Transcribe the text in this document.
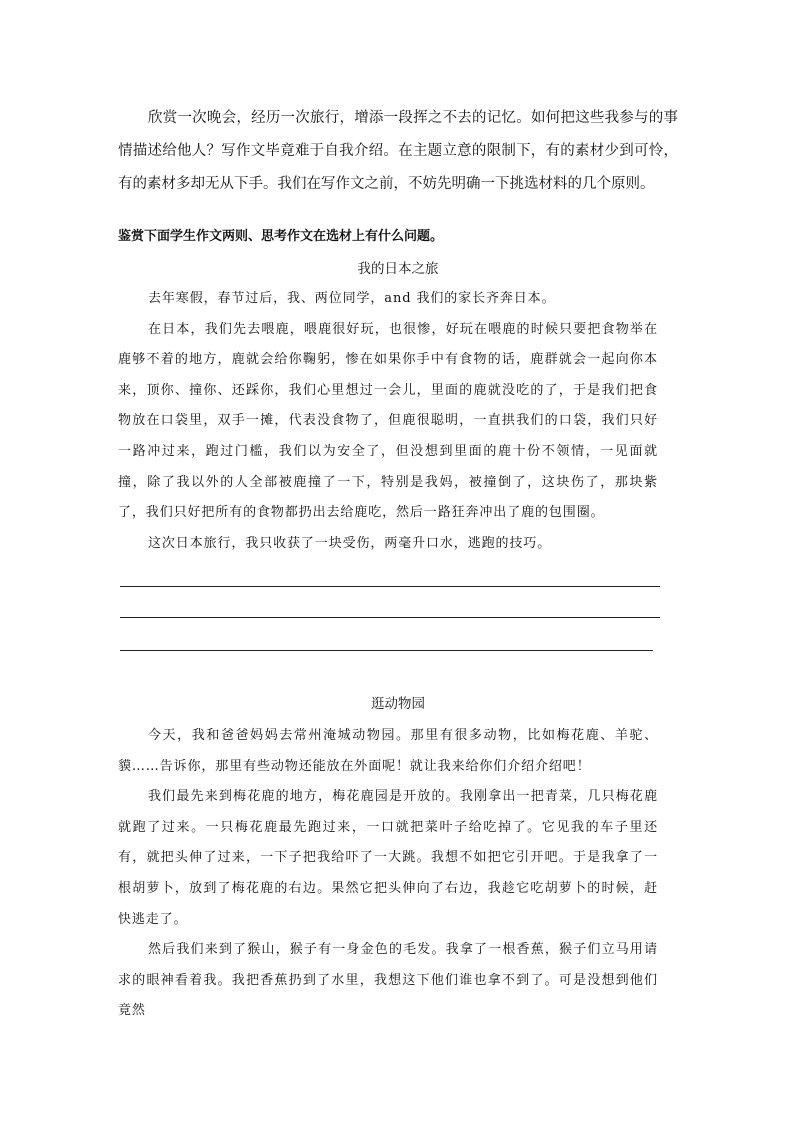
欣赏一次晚会，经历一次旅行，增添一段挥之不去的记忆。如何把这些我参与的事情描述给他人？写作文毕竟难于自我介绍。在主题立意的限制下，有的素材少到可怜，有的素材多却无从下手。我们在写作文之前，不妨先明确一下挑选材料的几个原则。

鉴赏下面学生作文两则、思考作文在选材上有什么问题。
我的日本之旅

去年寒假，春节过后，我、两位同学，and 我们的家长齐奔日本。

在日本，我们先去喂鹿，喂鹿很好玩，也很惨，好玩在喂鹿的时候只要把食物举在鹿够不着的地方，鹿就会给你鞠躬，惨在如果你手中有食物的话，鹿群就会一起向你本来，顶你、撞你、还踩你，我们心里想过一会儿，里面的鹿就没吃的了，于是我们把食物放在口袋里，双手一摊，代表没食物了，但鹿很聪明，一直拱我们的口袋，我们只好一路冲过来，跑过门槛，我们以为安全了，但没想到里面的鹿十份不领情，一见面就撞，除了我以外的人全部被鹿撞了一下，特别是我妈，被撞倒了，这块伤了，那块紫了，我们只好把所有的食物都扔出去给鹿吃，然后一路狂奔冲出了鹿的包围圈。

这次日本旅行，我只收获了一块受伤，两毫升口水，逃跑的技巧。

逛动物园

今天，我和爸爸妈妈去常州淹城动物园。那里有很多动物，比如梅花鹿、羊驼、貘……告诉你，那里有些动物还能放在外面呢！就让我来给你们介绍介绍吧！

我们最先来到梅花鹿的地方，梅花鹿园是开放的。我刚拿出一把青菜，几只梅花鹿就跑了过来。一只梅花鹿最先跑过来，一口就把菜叶子给吃掉了。它见我的车子里还有，就把头伸了过来，一下子把我给吓了一大跳。我想不如把它引开吧。于是我拿了一根胡萝卜，放到了梅花鹿的右边。果然它把头伸向了右边，我趁它吃胡萝卜的时候，赶快逃走了。

然后我们来到了猴山，猴子有一身金色的毛发。我拿了一根香蕉，猴子们立马用请求的眼神看着我。我把香蕉扔到了水里，我想这下他们谁也拿不到了。可是没想到他们竟然
